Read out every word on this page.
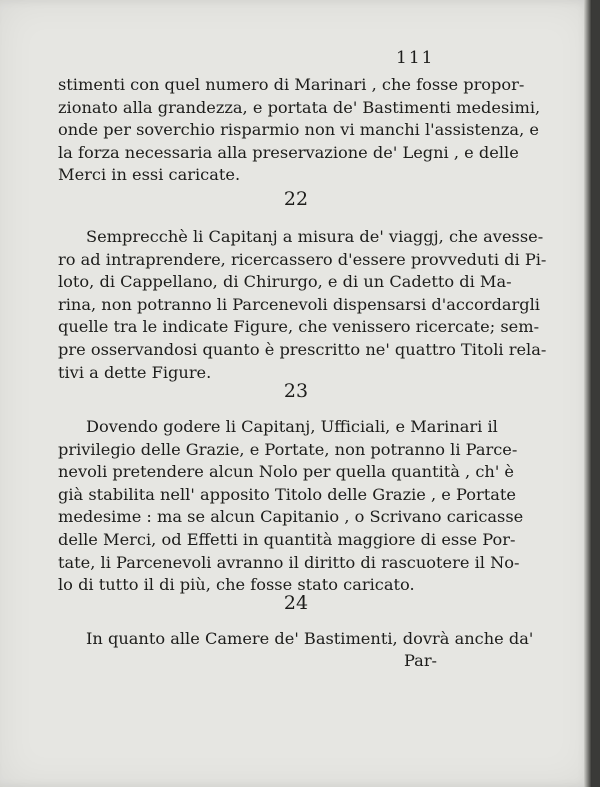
111
stimenti con quel numero di Marinari , che fosse propor-
zionato alla grandezza, e portata de' Bastimenti medesimi,
onde per soverchio risparmio non vi manchi l'assistenza, e
la forza necessaria alla preservazione de' Legni , e delle
Merci in essi caricate.
22
Semprecchè li Capitanj a misura de' viaggj, che avesse-
ro ad intraprendere, ricercassero d'essere provveduti di Pi-
loto, di Cappellano, di Chirurgo, e di un Cadetto di Ma-
rina, non potranno li Parcenevoli dispensarsi d'accordargli
quelle tra le indicate Figure, che venissero ricercate; sem-
pre osservandosi quanto è prescritto ne' quattro Titoli rela-
tivi a dette Figure.
23
Dovendo godere li Capitanj, Ufficiali, e Marinari il
privilegio delle Grazie, e Portate, non potranno li Parce-
nevoli pretendere alcun Nolo per quella quantità , ch' è
già stabilita nell' apposito Titolo delle Grazie , e Portate
medesime : ma se alcun Capitanio , o Scrivano caricasse
delle Merci, od Effetti in quantità maggiore di esse Por-
tate, li Parcenevoli avranno il diritto di rascuotere il No-
lo di tutto il di più, che fosse stato caricato.
24
In quanto alle Camere de' Bastimenti, dovrà anche da'
Par-
